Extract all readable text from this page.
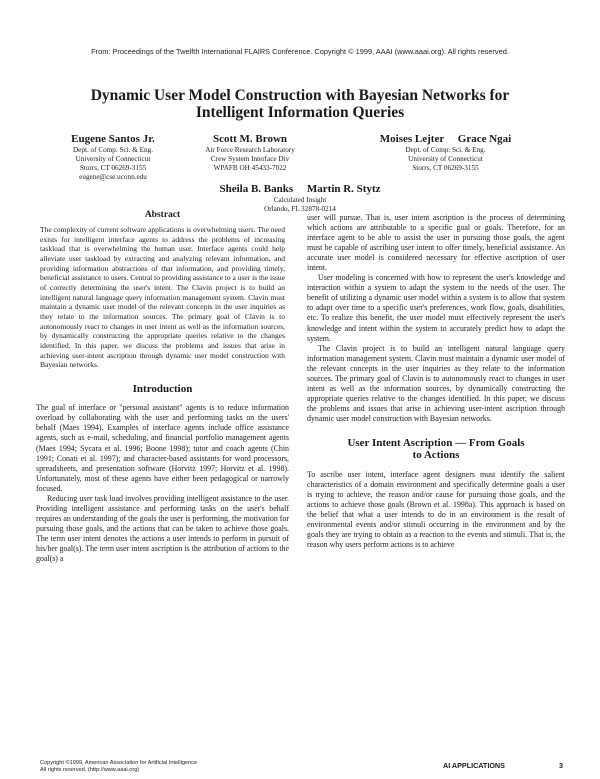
From: Proceedings of the Twelfth International FLAIRS Conference. Copyright © 1999, AAAI (www.aaai.org). All rights reserved.
Dynamic User Model Construction with Bayesian Networks for
Intelligent Information Queries
Eugene Santos Jr.
Dept. of Comp. Sci. & Eng.
University of Connecticut
Storrs, CT 06269-3155
eugene@cse.uconn.edu
Scott M. Brown
Air Force Research Laboratory
Crew System Interface Div
WPAFB OH 45433-7022
Moises Lejter     Grace Ngai
Dept. of Comp. Sci. & Eng.
University of Connecticut
Storrs, CT 06269-3155
Sheila B. Banks     Martin R. Stytz
Calculated Insight
Orlando, FL 32878-0214
Abstract

The complexity of current software applications is overwhelming users. The need exists for intelligent interface agents to address the problems of increasing taskload that is overwhelming the human user. Interface agents could help alleviate user taskload by extracting and analyzing relevant information, and providing information abstractions of that information, and providing timely, beneficial assistance to users. Central to providing assistance to a user is the issue of correctly determining the user's intent. The Clavin project is to build an intelligent natural language query information management system. Clavin must maintain a dynamic user model of the relevant concepts in the user inquiries as they relate to the information sources. The primary goal of Clavin is to autonomously react to changes in user intent as well as the information sources, by dynamically constructing the appropriate queries relative to the changes identified. In this paper, we discuss the problems and issues that arise in achieving user-intent ascription through dynamic user model construction with Bayesian networks.

Introduction

The goal of interface or "personal assistant" agents is to reduce information overload by collaborating with the user and performing tasks on the users' behalf (Maes 1994). Examples of interface agents include office assistance agents, such as e-mail, scheduling, and financial portfolio management agents (Maes 1994; Sycara et al. 1996; Boone 1998); tutor and coach agents (Chin 1991; Conati et al. 1997); and character-based assistants for word processors, spreadsheets, and presentation software (Horvitz 1997; Horvitz et al. 1998). Unfortunately, most of these agents have either been pedagogical or narrowly focused.

Reducing user task load involves providing intelligent assistance to the user. Providing intelligent assistance and performing tasks on the user's behalf requires an understanding of the goals the user is performing, the motivation for pursuing those goals, and the actions that can be taken to achieve those goals. The term user intent denotes the actions a user intends to perform in pursuit of his/her goal(s). The term user intent ascription is the attribution of actions to the goal(s) a

user will pursue. That is, user intent ascription is the process of determining which actions are attributable to a specific goal or goals. Therefore, for an interface agent to be able to assist the user in pursuing those goals, the agent must be capable of ascribing user intent to offer timely, beneficial assistance. An accurate user model is considered necessary for effective ascription of user intent.

User modeling is concerned with how to represent the user's knowledge and interaction within a system to adapt the system to the needs of the user. The benefit of utilizing a dynamic user model within a system is to allow that system to adapt over time to a specific user's preferences, work flow, goals, disabilities, etc. To realize this benefit, the user model must effectively represent the user's knowledge and intent within the system to accurately predict how to adapt the system.

The Clavin project is to build an intelligent natural language query information management system. Clavin must maintain a dynamic user model of the relevant concepts in the user inquiries as they relate to the information sources. The primary goal of Clavin is to autonomously react to changes in user intent as well as the information sources, by dynamically constructing the appropriate queries relative to the changes identified. In this paper, we discuss the problems and issues that arise in achieving user-intent ascription through dynamic user model construction with Bayesian networks.

User Intent Ascription — From Goals
to Actions

To ascribe user intent, interface agent designers must identify the salient characteristics of a domain environment and specifically determine goals a user is trying to achieve, the reason and/or cause for pursuing those goals, and the actions to achieve those goals (Brown et al. 1998a). This approach is based on the belief that what a user intends to do in an environment is the result of environmental events and/or stimuli occurring in the environment and by the goals they are trying to obtain as a reaction to the events and stimuli. That is, the reason why users perform actions is to achieve

Copyright ©1999, American Association for Artificial Intelligence
All rights reserved. (http://www.aaai.org)	AI APPLICATIONS	3
